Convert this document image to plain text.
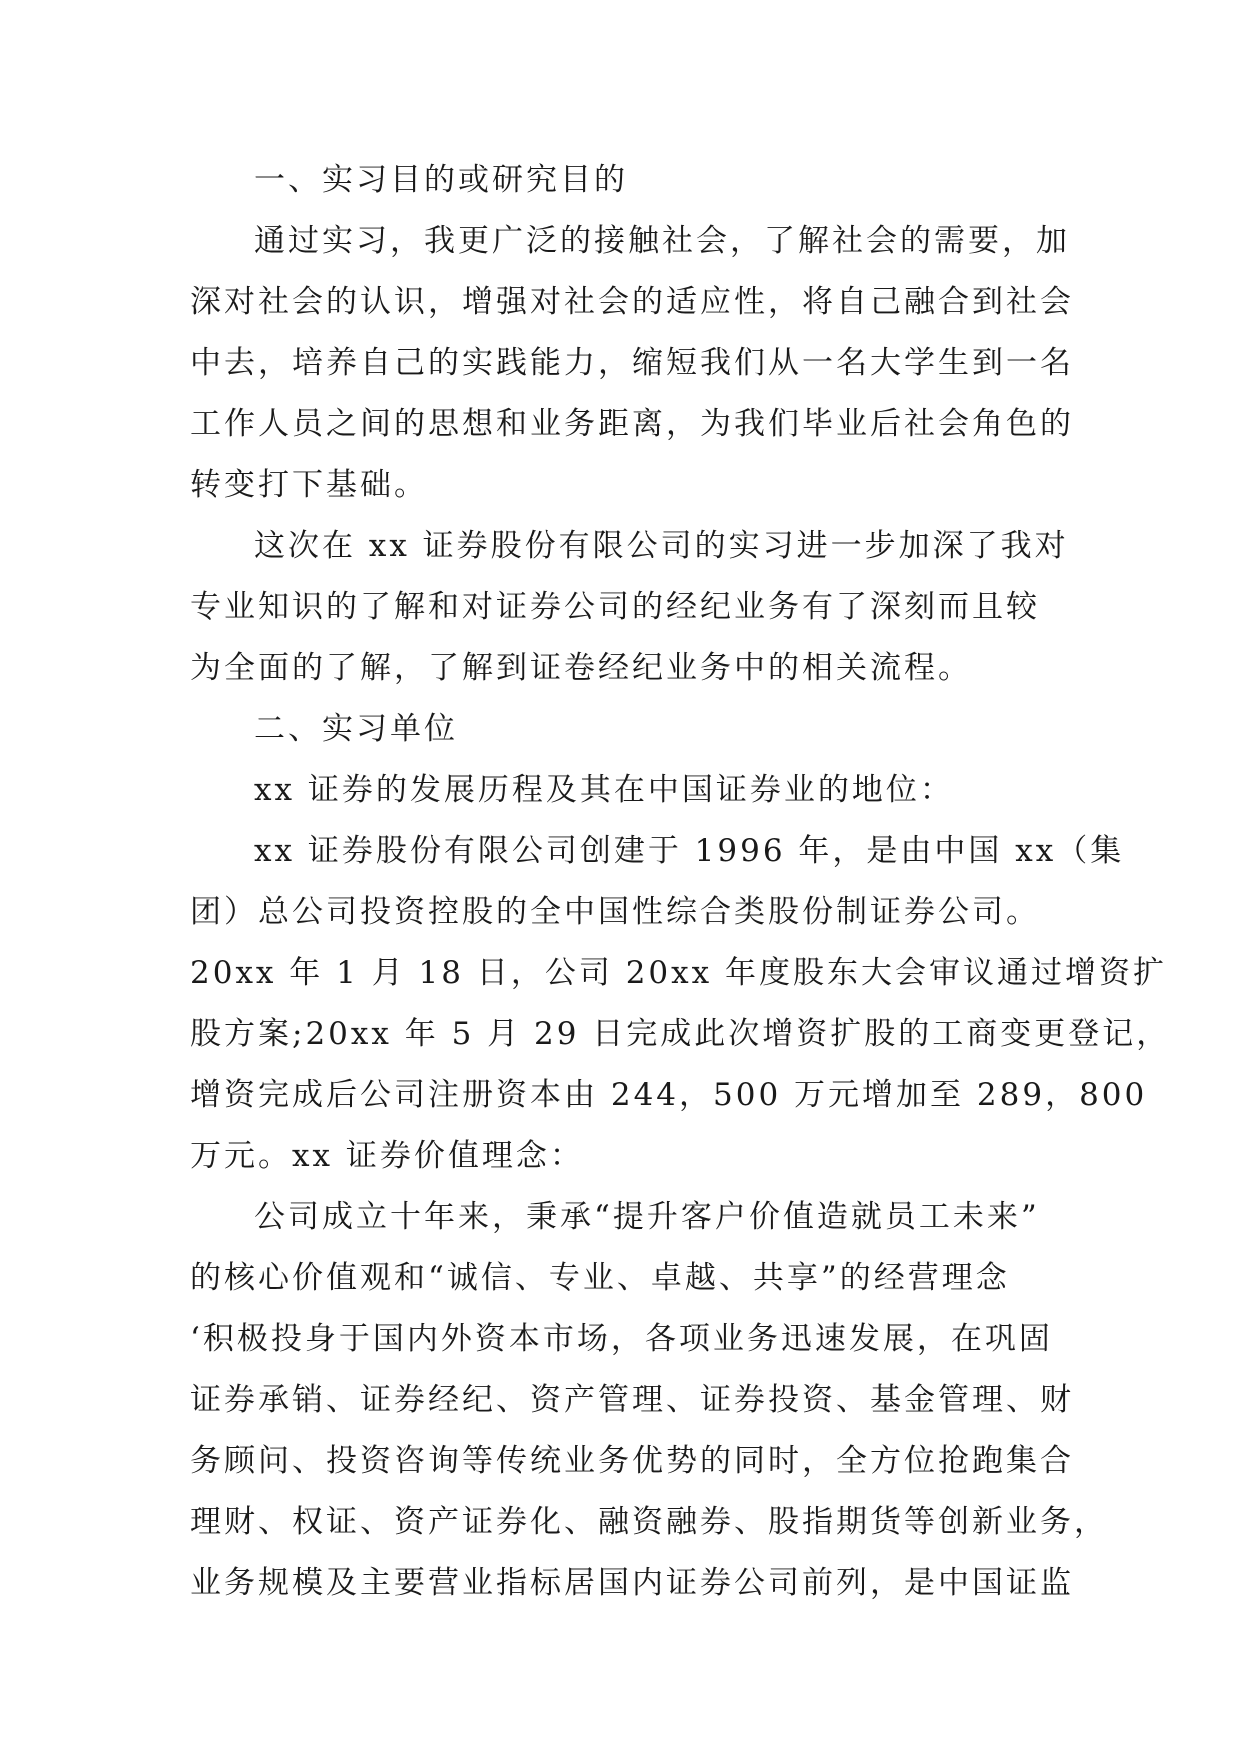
一、实习目的或研究目的
通过实习，我更广泛的接触社会，了解社会的需要，加
深对社会的认识，增强对社会的适应性，将自己融合到社会
中去，培养自己的实践能力，缩短我们从一名大学生到一名
工作人员之间的思想和业务距离，为我们毕业后社会角色的
转变打下基础。
这次在 xx 证券股份有限公司的实习进一步加深了我对
专业知识的了解和对证券公司的经纪业务有了深刻而且较
为全面的了解，了解到证卷经纪业务中的相关流程。
二、实习单位
xx 证券的发展历程及其在中国证券业的地位：
xx 证券股份有限公司创建于 1996 年，是由中国 xx（集
团）总公司投资控股的全中国性综合类股份制证券公司。
20xx 年 1 月 18 日，公司 20xx 年度股东大会审议通过增资扩
股方案;20xx 年 5 月 29 日完成此次增资扩股的工商变更登记，
增资完成后公司注册资本由 244，500 万元增加至 289，800
万元。xx 证券价值理念：
公司成立十年来，秉承“提升客户价值造就员工未来”
的核心价值观和“诚信、专业、卓越、共享”的经营理念
‘积极投身于国内外资本市场，各项业务迅速发展，在巩固
证券承销、证券经纪、资产管理、证券投资、基金管理、财
务顾问、投资咨询等传统业务优势的同时，全方位抢跑集合
理财、权证、资产证券化、融资融券、股指期货等创新业务，
业务规模及主要营业指标居国内证券公司前列，是中国证监
